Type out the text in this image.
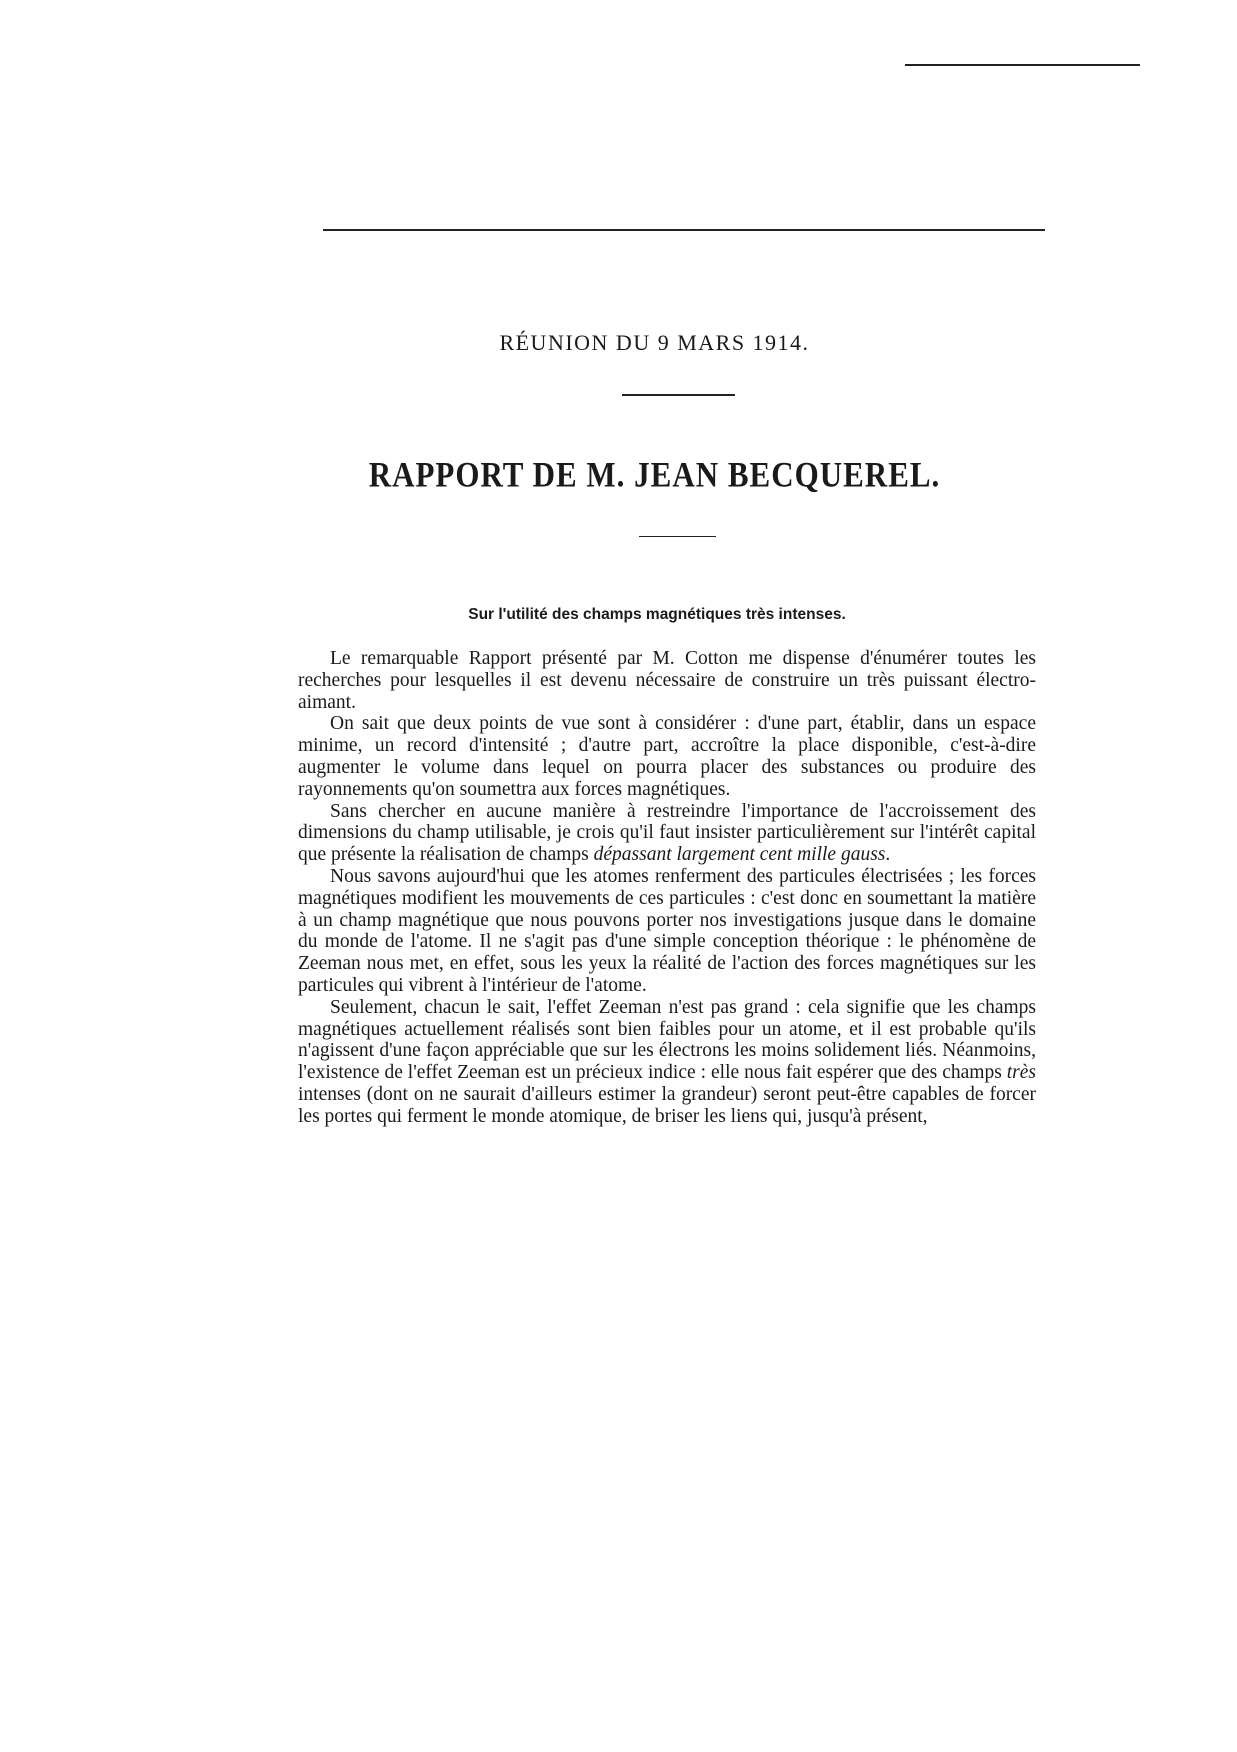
RÉUNION DU 9 MARS 1914.
RAPPORT DE M. JEAN BECQUEREL.
Sur l'utilité des champs magnétiques très intenses.

Le remarquable Rapport présenté par M. Cotton me dispense d'énumérer toutes les recherches pour lesquelles il est devenu nécessaire de construire un très puissant électro-aimant.

On sait que deux points de vue sont à considérer : d'une part, établir, dans un espace minime, un record d'intensité ; d'autre part, accroître la place disponible, c'est-à-dire augmenter le volume dans lequel on pourra placer des substances ou produire des rayonnements qu'on soumettra aux forces magnétiques.

Sans chercher en aucune manière à restreindre l'importance de l'accroissement des dimensions du champ utilisable, je crois qu'il faut insister particulièrement sur l'intérêt capital que présente la réalisation de champs dépassant largement cent mille gauss.

Nous savons aujourd'hui que les atomes renferment des particules électrisées ; les forces magnétiques modifient les mouvements de ces particules : c'est donc en soumettant la matière à un champ magnétique que nous pouvons porter nos investigations jusque dans le domaine du monde de l'atome. Il ne s'agit pas d'une simple conception théorique : le phénomène de Zeeman nous met, en effet, sous les yeux la réalité de l'action des forces magnétiques sur les particules qui vibrent à l'intérieur de l'atome.

Seulement, chacun le sait, l'effet Zeeman n'est pas grand : cela signifie que les champs magnétiques actuellement réalisés sont bien faibles pour un atome, et il est probable qu'ils n'agissent d'une façon appréciable que sur les électrons les moins solidement liés. Néanmoins, l'existence de l'effet Zeeman est un précieux indice : elle nous fait espérer que des champs très intenses (dont on ne saurait d'ailleurs estimer la grandeur) seront peut-être capables de forcer les portes qui ferment le monde atomique, de briser les liens qui, jusqu'à présent,
